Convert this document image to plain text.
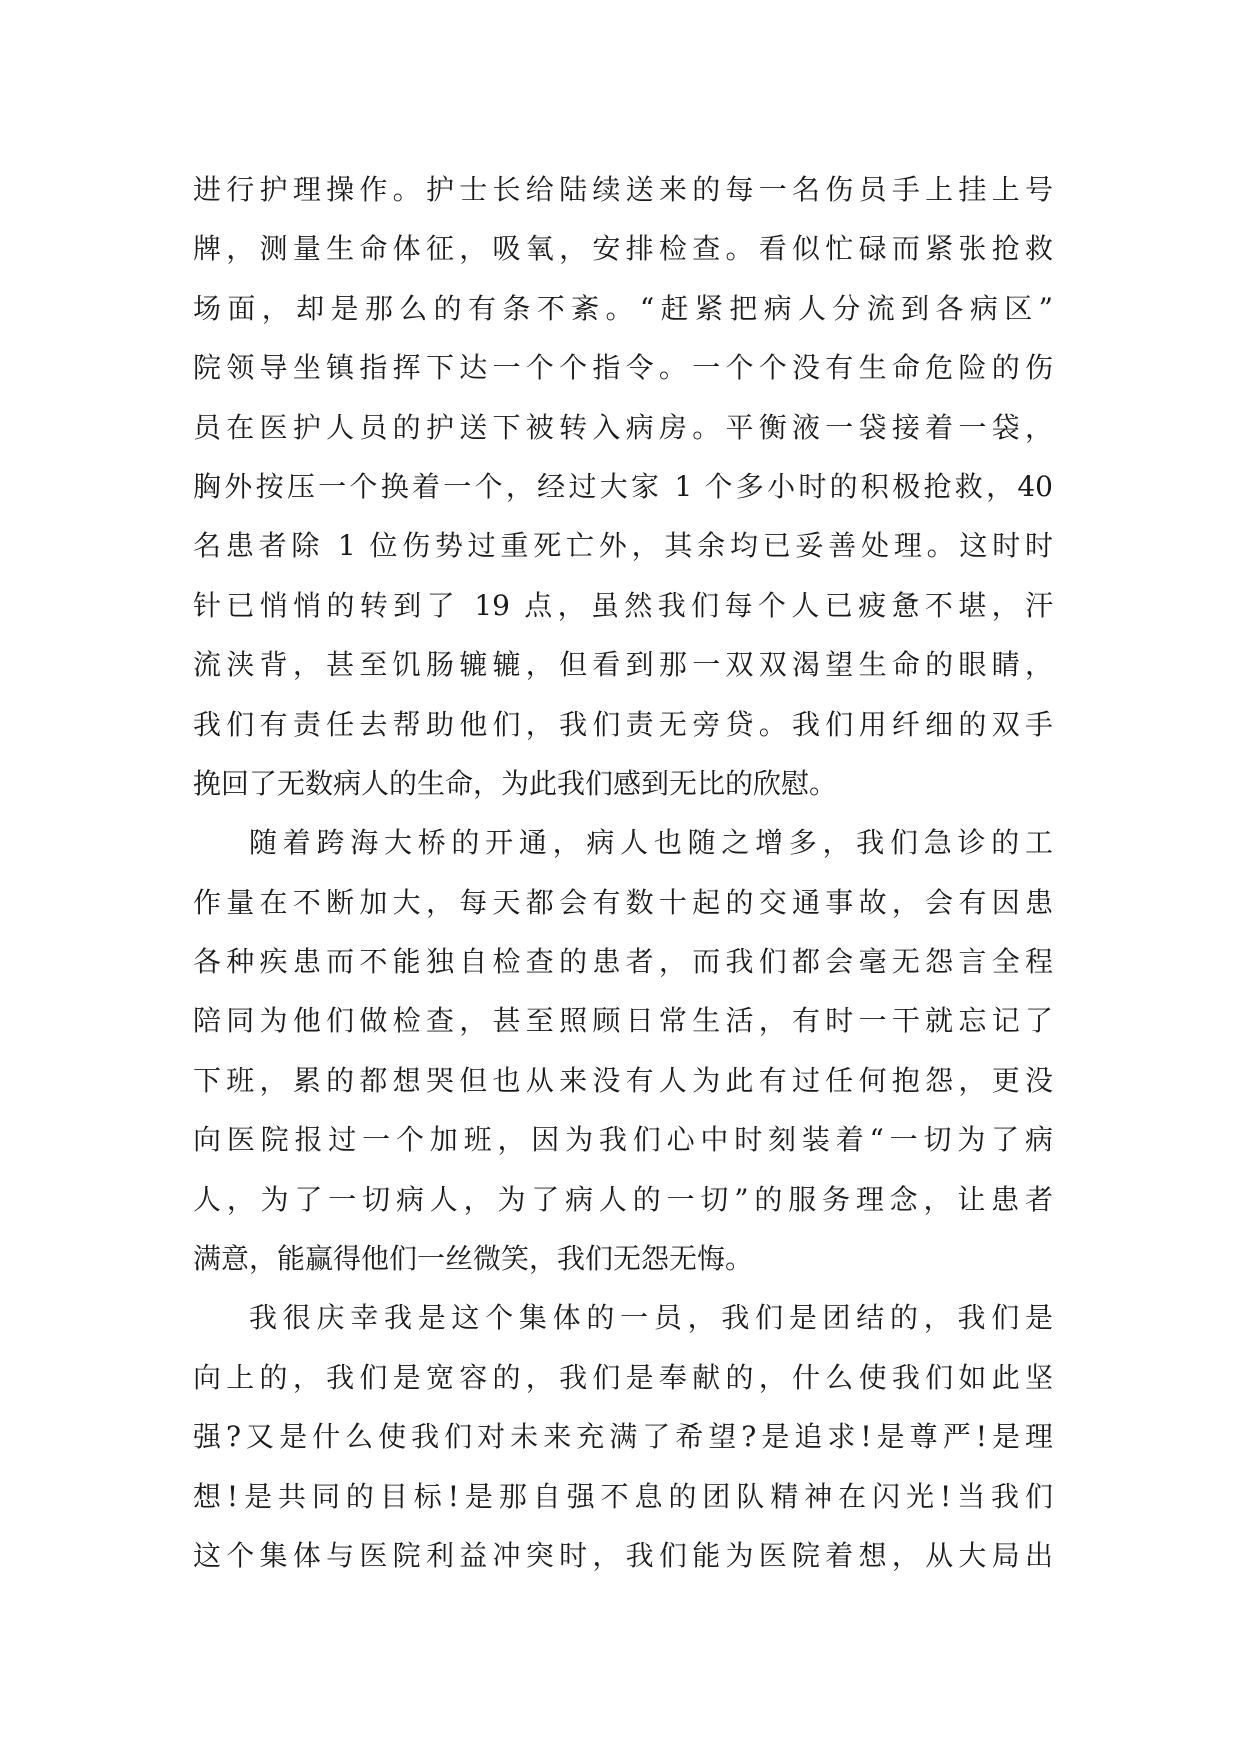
进行护理操作。护士长给陆续送来的每一名伤员手上挂上号
牌，测量生命体征，吸氧，安排检查。看似忙碌而紧张抢救
场面，却是那么的有条不紊。“赶紧把病人分流到各病区”
院领导坐镇指挥下达一个个指令。一个个没有生命危险的伤
员在医护人员的护送下被转入病房。平衡液一袋接着一袋，
胸外按压一个换着一个，经过大家 1 个多小时的积极抢救，40
名患者除 1 位伤势过重死亡外，其余均已妥善处理。这时时
针已悄悄的转到了 19 点，虽然我们每个人已疲惫不堪，汗
流浃背，甚至饥肠辘辘，但看到那一双双渴望生命的眼睛，
我们有责任去帮助他们，我们责无旁贷。我们用纤细的双手
挽回了无数病人的生命，为此我们感到无比的欣慰。
随着跨海大桥的开通，病人也随之增多，我们急诊的工
作量在不断加大，每天都会有数十起的交通事故，会有因患
各种疾患而不能独自检查的患者，而我们都会毫无怨言全程
陪同为他们做检查，甚至照顾日常生活，有时一干就忘记了
下班，累的都想哭但也从来没有人为此有过任何抱怨，更没
向医院报过一个加班，因为我们心中时刻装着“一切为了病
人，为了一切病人，为了病人的一切”的服务理念，让患者
满意，能赢得他们一丝微笑，我们无怨无悔。
我很庆幸我是这个集体的一员，我们是团结的，我们是
向上的，我们是宽容的，我们是奉献的，什么使我们如此坚
强?又是什么使我们对未来充满了希望?是追求!是尊严!是理
想!是共同的目标!是那自强不息的团队精神在闪光!当我们
这个集体与医院利益冲突时，我们能为医院着想，从大局出
